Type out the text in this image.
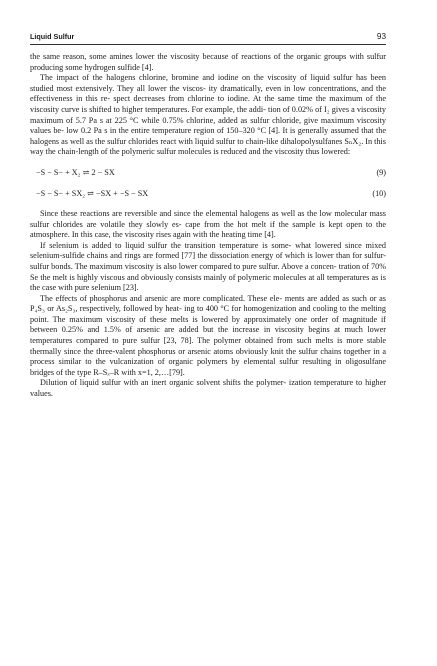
Liquid Sulfur	93

the same reason, some amines lower the viscosity because of reactions of the organic groups with sulfur producing some hydrogen sulfide [4].

The impact of the halogens chlorine, bromine and iodine on the viscosity of liquid sulfur has been studied most extensively. They all lower the viscos- ity dramatically, even in low concentrations, and the effectiveness in this re- spect decreases from chlorine to iodine. At the same time the maximum of the viscosity curve is shifted to higher temperatures. For example, the addi- tion of 0.02% of I₂ gives a viscosity maximum of 5.7 Pa s at 225 °C while 0.75% chlorine, added as sulfur chloride, give maximum viscosity values be- low 0.2 Pa s in the entire temperature region of 150–320 °C [4]. It is generally assumed that the halogens as well as the sulfur chlorides react with liquid sulfur to chain-like dihalopolysulfanes SₙX₂. In this way the chain-length of the polymeric sulfur molecules is reduced and the viscosity thus lowered:

−S − S− + X₂ ⇌ 2 − SX	(9)
−S − S− + SX₂ ⇌ −SX + −S − SX	(10)

Since these reactions are reversible and since the elemental halogens as well as the low molecular mass sulfur chlorides are volatile they slowly es- cape from the hot melt if the sample is kept open to the atmosphere. In this case, the viscosity rises again with the heating time [4].

If selenium is added to liquid sulfur the transition temperature is some- what lowered since mixed selenium-sulfide chains and rings are formed [77] the dissociation energy of which is lower than for sulfur-sulfur bonds. The maximum viscosity is also lower compared to pure sulfur. Above a concen- tration of 70% Se the melt is highly viscous and obviously consists mainly of polymeric molecules at all temperatures as is the case with pure selenium [23].

The effects of phosphorus and arsenic are more complicated. These ele- ments are added as such or as P₄S₃ or As₂S₃, respectively, followed by heat- ing to 400 °C for homogenization and cooling to the melting point. The maximum viscosity of these melts is lowered by approximately one order of magnitude if between 0.25% and 1.5% of arsenic are added but the increase in viscosity begins at much lower temperatures compared to pure sulfur [23, 78]. The polymer obtained from such melts is more stable thermally since the three-valent phosphorus or arsenic atoms obviously knit the sulfur chains together in a process similar to the vulcanization of organic polymers by elemental sulfur resulting in oligosulfane bridges of the type R–Sₓ–R with x=1, 2,…[79].

Dilution of liquid sulfur with an inert organic solvent shifts the polymer- ization temperature to higher values.
